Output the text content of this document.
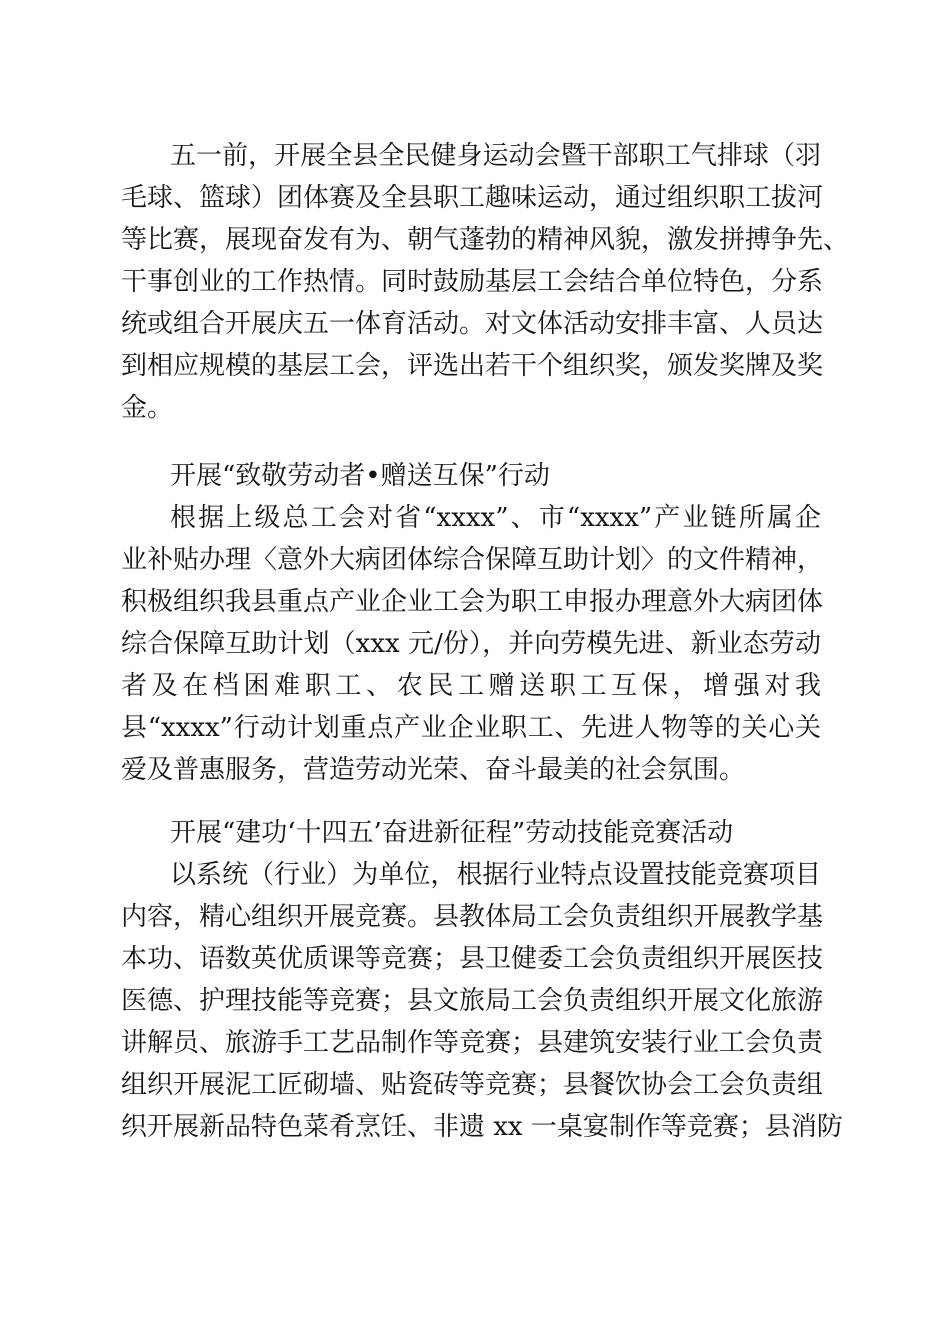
五一前，开展全县全民健身运动会暨干部职工气排球（羽

毛球、篮球）团体赛及全县职工趣味运动，通过组织职工拔河

等比赛，展现奋发有为、朝气蓬勃的精神风貌，激发拼搏争先、

干事创业的工作热情。同时鼓励基层工会结合单位特色，分系

统或组合开展庆五一体育活动。对文体活动安排丰富、人员达

到相应规模的基层工会，评选出若干个组织奖，颁发奖牌及奖

金。

开展“致敬劳动者•赠送互保”行动

根据上级总工会对省“xxxx”、市“xxxx”产业链所属企

业补贴办理〈意外大病团体综合保障互助计划〉的文件精神，

积极组织我县重点产业企业工会为职工申报办理意外大病团体

综合保障互助计划（xxx 元/份），并向劳模先进、新业态劳动

者及在档困难职工、农民工赠送职工互保，增强对我

县“xxxx”行动计划重点产业企业职工、先进人物等的关心关

爱及普惠服务，营造劳动光荣、奋斗最美的社会氛围。

开展“建功‘十四五’奋进新征程”劳动技能竞赛活动

以系统（行业）为单位，根据行业特点设置技能竞赛项目

内容，精心组织开展竞赛。县教体局工会负责组织开展教学基

本功、语数英优质课等竞赛；县卫健委工会负责组织开展医技

医德、护理技能等竞赛；县文旅局工会负责组织开展文化旅游

讲解员、旅游手工艺品制作等竞赛；县建筑安装行业工会负责

组织开展泥工匠砌墙、贴瓷砖等竞赛；县餐饮协会工会负责组

织开展新品特色菜肴烹饪、非遗 xx 一桌宴制作等竞赛；县消防
